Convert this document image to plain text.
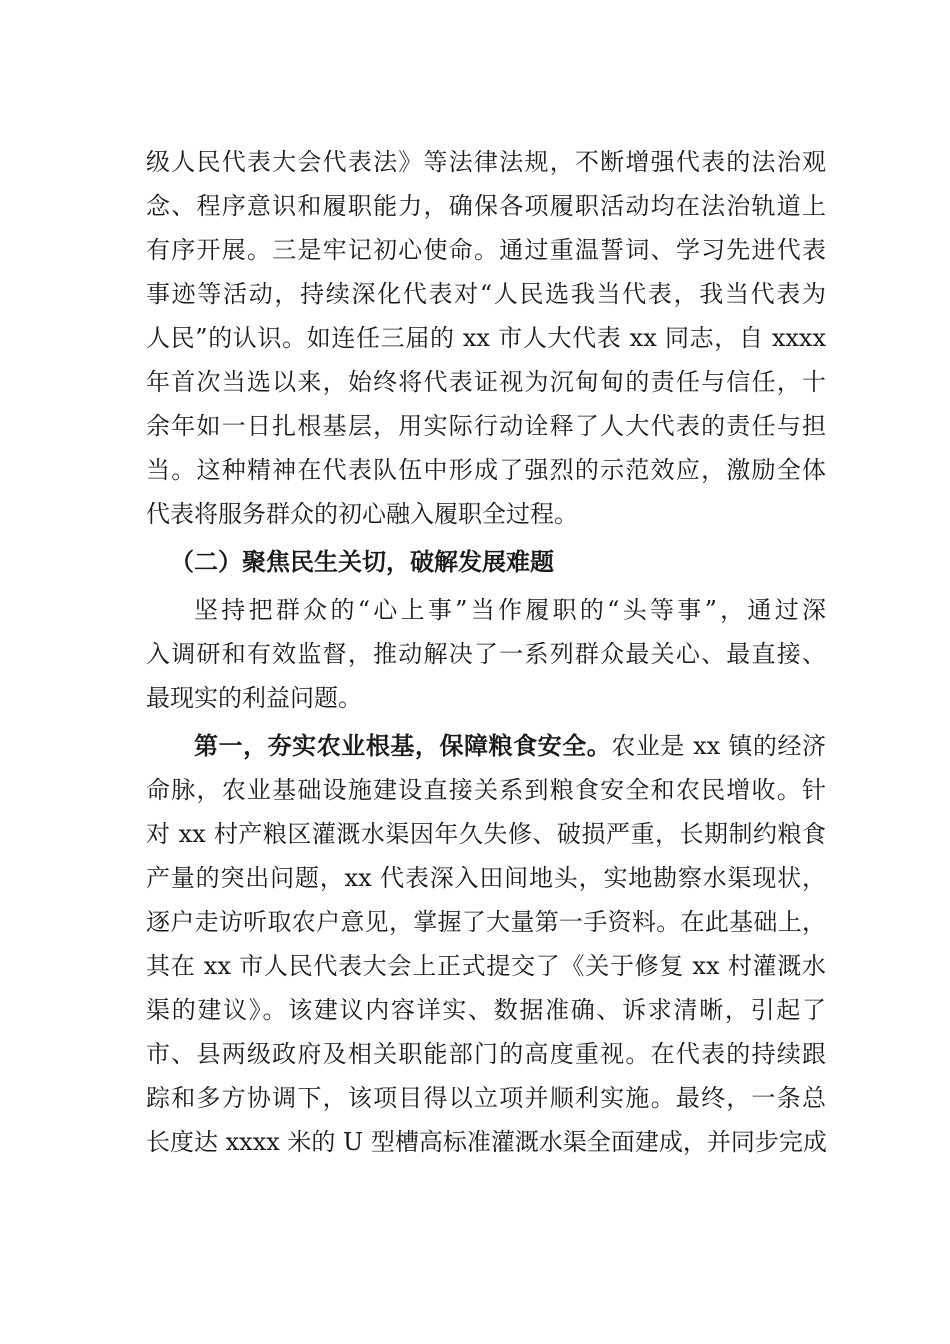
级人民代表大会代表法》等法律法规，不断增强代表的法治观
念、程序意识和履职能力，确保各项履职活动均在法治轨道上
有序开展。三是牢记初心使命。通过重温誓词、学习先进代表
事迹等活动，持续深化代表对“人民选我当代表，我当代表为
人民”的认识。如连任三届的 xx 市人大代表 xx 同志，自 xxxx
年首次当选以来，始终将代表证视为沉甸甸的责任与信任，十
余年如一日扎根基层，用实际行动诠释了人大代表的责任与担
当。这种精神在代表队伍中形成了强烈的示范效应，激励全体
代表将服务群众的初心融入履职全过程。
（二）聚焦民生关切，破解发展难题
坚持把群众的“心上事”当作履职的“头等事”，通过深
入调研和有效监督，推动解决了一系列群众最关心、最直接、
最现实的利益问题。
第一，夯实农业根基，保障粮食安全。农业是 xx 镇的经济
命脉，农业基础设施建设直接关系到粮食安全和农民增收。针
对 xx 村产粮区灌溉水渠因年久失修、破损严重，长期制约粮食
产量的突出问题，xx 代表深入田间地头，实地勘察水渠现状，
逐户走访听取农户意见，掌握了大量第一手资料。在此基础上，
其在 xx 市人民代表大会上正式提交了《关于修复 xx 村灌溉水
渠的建议》。该建议内容详实、数据准确、诉求清晰，引起了
市、县两级政府及相关职能部门的高度重视。在代表的持续跟
踪和多方协调下，该项目得以立项并顺利实施。最终，一条总
长度达 xxxx 米的 U 型槽高标准灌溉水渠全面建成，并同步完成
